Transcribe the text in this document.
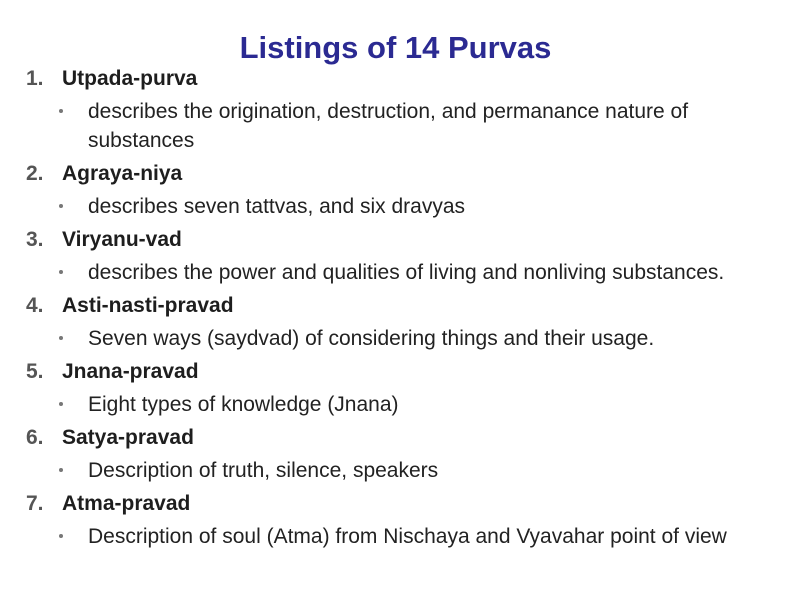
Listings of 14 Purvas
1. Utpada-purva
describes the origination, destruction, and permanance nature of substances
2. Agraya-niya
describes seven tattvas, and six dravyas
3. Viryanu-vad
describes the power and qualities of living and nonliving substances.
4. Asti-nasti-pravad
Seven ways (saydvad) of considering things and their usage.
5. Jnana-pravad
Eight types of knowledge (Jnana)
6. Satya-pravad
Description of truth, silence, speakers
7. Atma-pravad
Description of soul (Atma) from Nischaya and Vyavahar point of view
